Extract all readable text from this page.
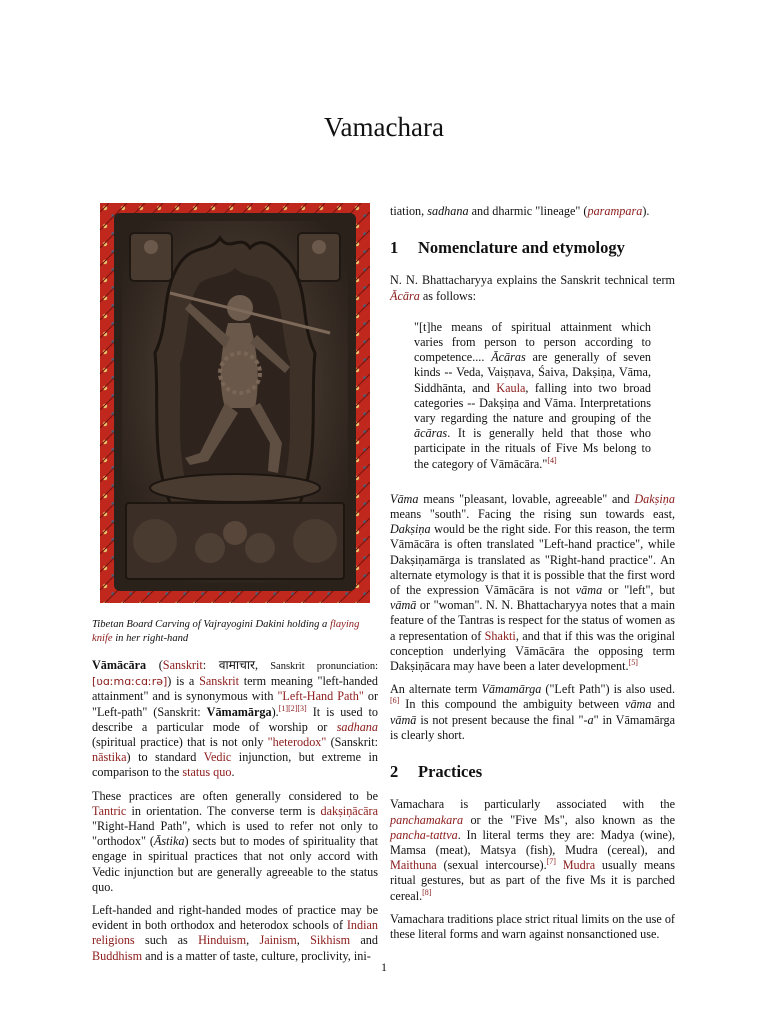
Vamachara
Tibetan Board Carving of Vajrayogini Dakini holding a flaying knife in her right-hand

Vāmācāra (Sanskrit: वामाचार, Sanskrit pronunciation: [ʋɑːmɑːcɑːrə]) is a Sanskrit term meaning "left-handed attainment" and is synonymous with "Left-Hand Path" or "Left-path" (Sanskrit: Vāmamārga).[1][2][3] It is used to describe a particular mode of worship or sadhana (spiritual practice) that is not only "heterodox" (Sanskrit: nāstika) to standard Vedic injunction, but extreme in comparison to the status quo.

These practices are often generally considered to be Tantric in orientation. The converse term is dakṣiṇācāra "Right-Hand Path", which is used to refer not only to "orthodox" (Āstika) sects but to modes of spirituality that engage in spiritual practices that not only accord with Vedic injunction but are generally agreeable to the status quo.

Left-handed and right-handed modes of practice may be evident in both orthodox and heterodox schools of Indian religions such as Hinduism, Jainism, Sikhism and Buddhism and is a matter of taste, culture, proclivity, ini-

tiation, sadhana and dharmic "lineage" (parampara).

1 Nomenclature and etymology

N. N. Bhattacharyya explains the Sanskrit technical term Ācāra as follows:

"[t]he means of spiritual attainment which varies from person to person according to competence.... Ācāras are generally of seven kinds -- Veda, Vaiṣṇava, Śaiva, Dakṣiṇa, Vāma, Siddhānta, and Kaula, falling into two broad categories -- Dakṣiṇa and Vāma. Interpretations vary regarding the nature and grouping of the ācāras. It is generally held that those who participate in the rituals of Five Ms belong to the category of Vāmācāra."[4]

Vāma means "pleasant, lovable, agreeable" and Dakṣiṇa means "south". Facing the rising sun towards east, Dakṣiṇa would be the right side. For this reason, the term Vāmācāra is often translated "Left-hand practice", while Dakṣiṇamārga is translated as "Right-hand practice". An alternate etymology is that it is possible that the first word of the expression Vāmācāra is not vāma or "left", but vāmā or "woman". N. N. Bhattacharyya notes that a main feature of the Tantras is respect for the status of women as a representation of Shakti, and that if this was the original conception underlying Vāmācāra the opposing term Dakṣiṇācara may have been a later development.[5]

An alternate term Vāmamārga ("Left Path") is also used.[6] In this compound the ambiguity between vāma and vāmā is not present because the final "-a" in Vāmamārga is clearly short.

2 Practices

Vamachara is particularly associated with the panchamakara or the "Five Ms", also known as the pancha-tattva. In literal terms they are: Madya (wine), Mamsa (meat), Matsya (fish), Mudra (cereal), and Maithuna (sexual intercourse).[7] Mudra usually means ritual gestures, but as part of the five Ms it is parched cereal.[8]

Vamachara traditions place strict ritual limits on the use of these literal forms and warn against nonsanctioned use.

1
